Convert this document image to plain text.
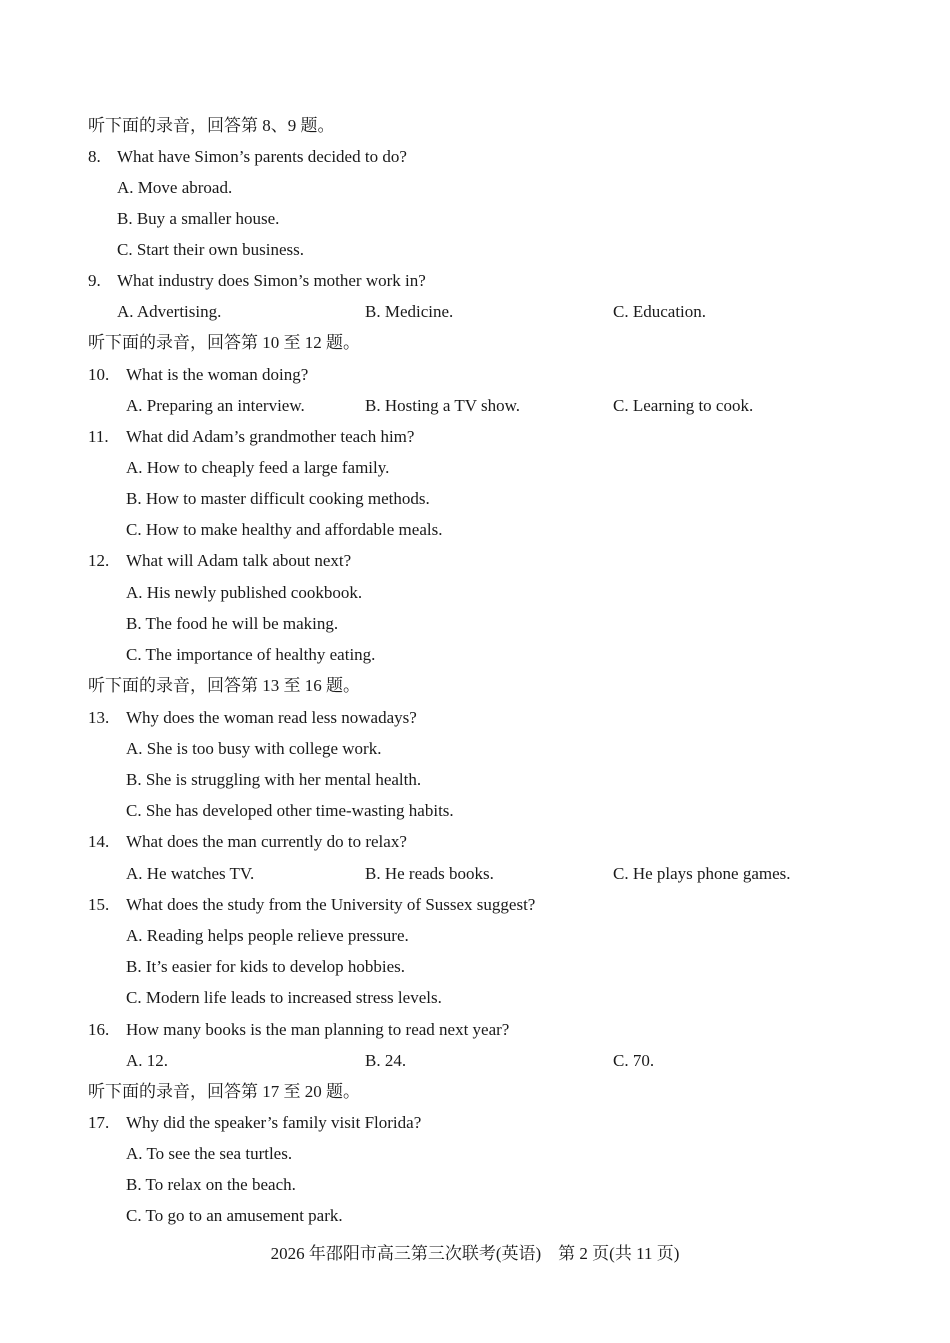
听下面的录音，回答第 8、9 题。
8. What have Simon’s parents decided to do?
A. Move abroad.
B. Buy a smaller house.
C. Start their own business.
9. What industry does Simon’s mother work in?
A. Advertising.	B. Medicine.	C. Education.
听下面的录音，回答第 10 至 12 题。
10. What is the woman doing?
A. Preparing an interview.	B. Hosting a TV show.	C. Learning to cook.
11. What did Adam’s grandmother teach him?
A. How to cheaply feed a large family.
B. How to master difficult cooking methods.
C. How to make healthy and affordable meals.
12. What will Adam talk about next?
A. His newly published cookbook.
B. The food he will be making.
C. The importance of healthy eating.
听下面的录音，回答第 13 至 16 题。
13. Why does the woman read less nowadays?
A. She is too busy with college work.
B. She is struggling with her mental health.
C. She has developed other time-wasting habits.
14. What does the man currently do to relax?
A. He watches TV.	B. He reads books.	C. He plays phone games.
15. What does the study from the University of Sussex suggest?
A. Reading helps people relieve pressure.
B. It’s easier for kids to develop hobbies.
C. Modern life leads to increased stress levels.
16. How many books is the man planning to read next year?
A. 12.	B. 24.	C. 70.
听下面的录音，回答第 17 至 20 题。
17. Why did the speaker’s family visit Florida?
A. To see the sea turtles.
B. To relax on the beach.
C. To go to an amusement park.
2026 年邵阳市高三第三次联考(英语)　第 2 页(共 11 页)
